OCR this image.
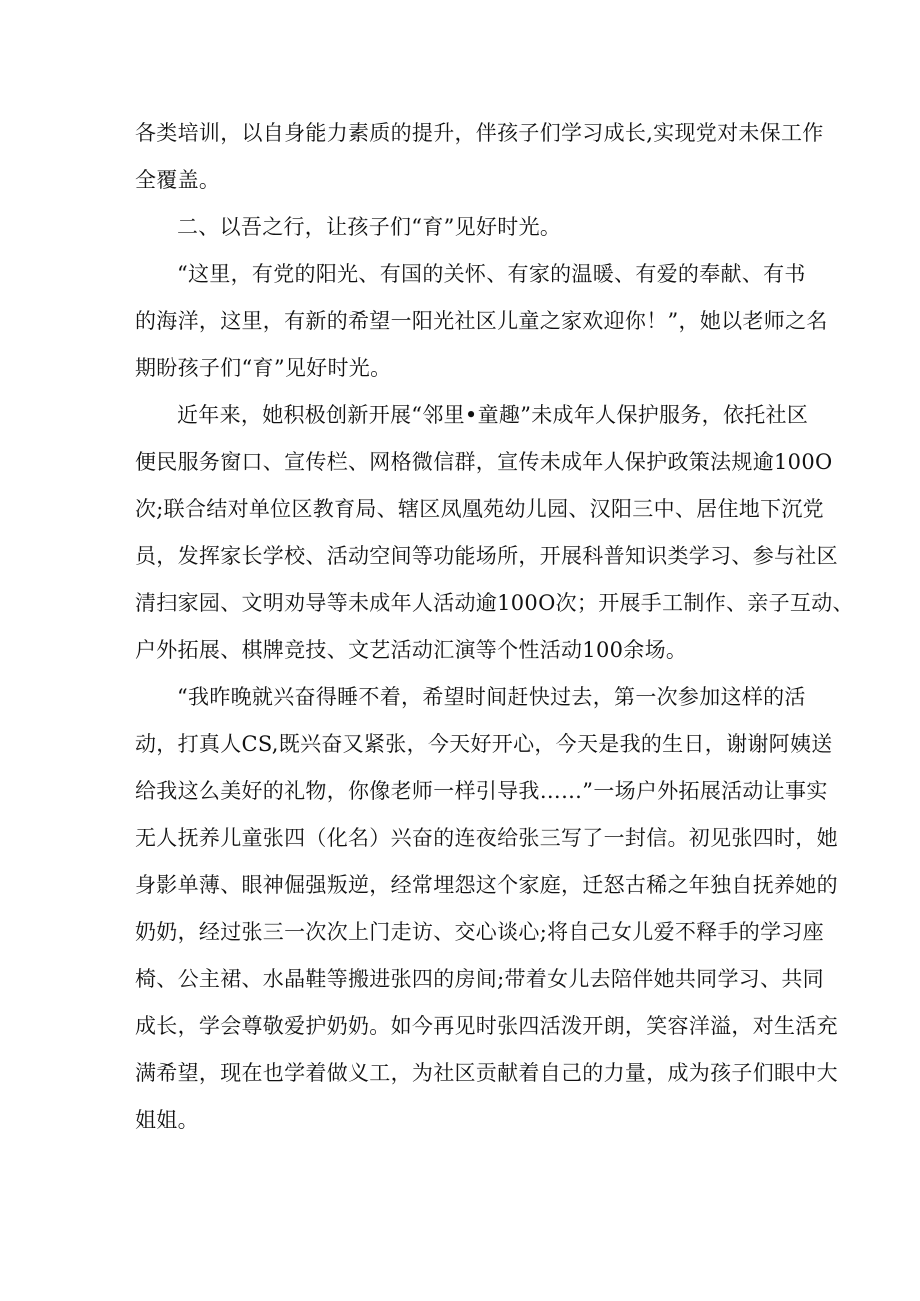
各类培训，以自身能力素质的提升，伴孩子们学习成长,实现党对未保工作
全覆盖。

二、以吾之行，让孩子们“育”见好时光。

“这里，有党的阳光、有国的关怀、有家的温暖、有爱的奉献、有书
的海洋，这里，有新的希望一阳光社区儿童之家欢迎你！”，她以老师之名
期盼孩子们“育”见好时光。

近年来，她积极创新开展“邻里•童趣”未成年人保护服务，依托社区
便民服务窗口、宣传栏、网格微信群，宣传未成年人保护政策法规逾100O
次;联合结对单位区教育局、辖区凤凰苑幼儿园、汉阳三中、居住地下沉党
员，发挥家长学校、活动空间等功能场所，开展科普知识类学习、参与社区
清扫家园、文明劝导等未成年人活动逾100O次；开展手工制作、亲子互动、
户外拓展、棋牌竞技、文艺活动汇演等个性活动100余场。

“我昨晚就兴奋得睡不着，希望时间赶快过去，第一次参加这样的活
动，打真人CS,既兴奋又紧张，今天好开心，今天是我的生日，谢谢阿姨送
给我这么美好的礼物，你像老师一样引导我……”一场户外拓展活动让事实
无人抚养儿童张四（化名）兴奋的连夜给张三写了一封信。初见张四时，她
身影单薄、眼神倔强叛逆，经常埋怨这个家庭，迁怒古稀之年独自抚养她的
奶奶，经过张三一次次上门走访、交心谈心;将自己女儿爱不释手的学习座
椅、公主裙、水晶鞋等搬进张四的房间;带着女儿去陪伴她共同学习、共同
成长，学会尊敬爱护奶奶。如今再见时张四活泼开朗，笑容洋溢，对生活充
满希望，现在也学着做义工，为社区贡献着自己的力量，成为孩子们眼中大
姐姐。
